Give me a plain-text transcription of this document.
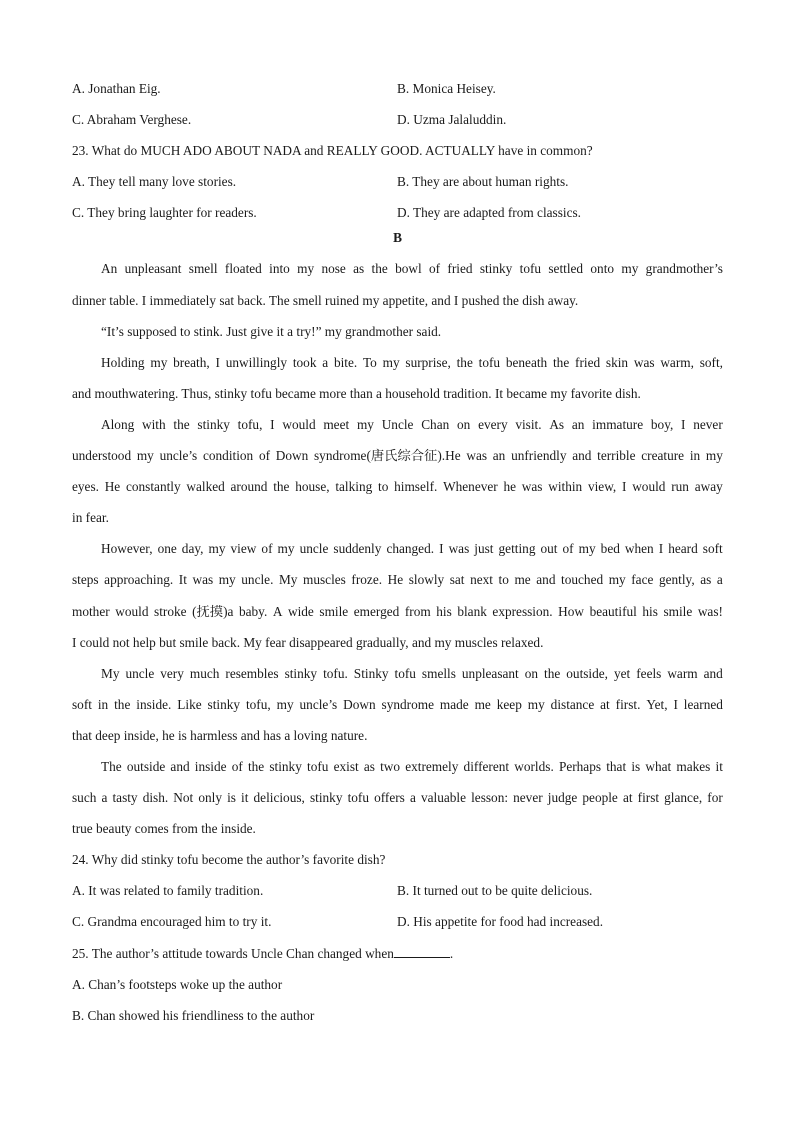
A. Jonathan Eig.	B. Monica Heisey.
C. Abraham Verghese.	D. Uzma Jalaluddin.
23. What do MUCH ADO ABOUT NADA and REALLY GOOD. ACTUALLY have in common?
A. They tell many love stories.	B. They are about human rights.
C. They bring laughter for readers.	D. They are adapted from classics.
B
An unpleasant smell floated into my nose as the bowl of fried stinky tofu settled onto my grandmother’s
dinner table. I immediately sat back. The smell ruined my appetite, and I pushed the dish away.
“It’s supposed to stink. Just give it a try!” my grandmother said.
Holding my breath, I unwillingly took a bite. To my surprise, the tofu beneath the fried skin was warm, soft,
and mouthwatering. Thus, stinky tofu became more than a household tradition. It became my favorite dish.
Along with the stinky tofu, I would meet my Uncle Chan on every visit. As an immature boy, I never
understood my uncle’s condition of Down syndrome(唐氏综合征).He was an unfriendly and terrible creature in my
eyes. He constantly walked around the house, talking to himself. Whenever he was within view, I would run away
in fear.
However, one day, my view of my uncle suddenly changed. I was just getting out of my bed when I heard soft
steps approaching. It was my uncle. My muscles froze. He slowly sat next to me and touched my face gently, as a
mother would stroke (抚摸)a baby. A wide smile emerged from his blank expression. How beautiful his smile was!
I could not help but smile back. My fear disappeared gradually, and my muscles relaxed.
My uncle very much resembles stinky tofu. Stinky tofu smells unpleasant on the outside, yet feels warm and
soft in the inside. Like stinky tofu, my uncle’s Down syndrome made me keep my distance at first. Yet, I learned
that deep inside, he is harmless and has a loving nature.
The outside and inside of the stinky tofu exist as two extremely different worlds. Perhaps that is what makes it
such a tasty dish. Not only is it delicious, stinky tofu offers a valuable lesson: never judge people at first glance, for
true beauty comes from the inside.
24. Why did stinky tofu become the author’s favorite dish?
A. It was related to family tradition.	B. It turned out to be quite delicious.
C. Grandma encouraged him to try it.	D. His appetite for food had increased.
25. The author’s attitude towards Uncle Chan changed when	.
A. Chan’s footsteps woke up the author
B. Chan showed his friendliness to the author
